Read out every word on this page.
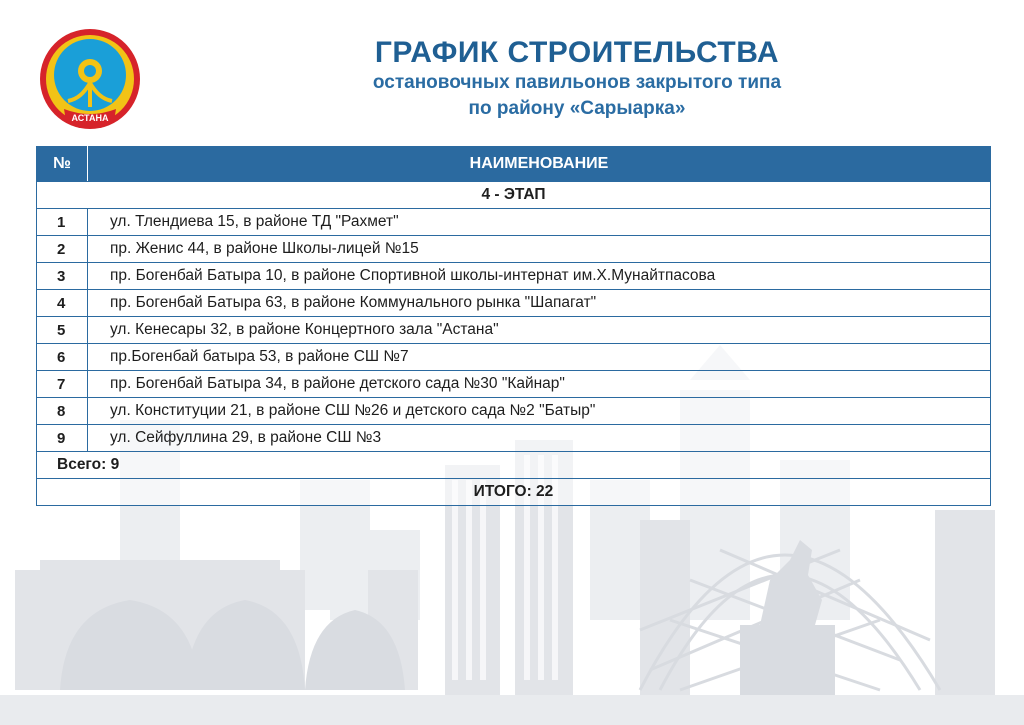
АСТАНА
ГРАФИК СТРОИТЕЛЬСТВА
остановочных павильонов закрытого типа
по району «Сарыарка»
№	НАИМЕНОВАНИЕ
4 - ЭТАП	
1	ул. Тлендиева 15, в районе ТД "Рахмет"
2	пр. Женис 44, в районе Школы-лицей №15
3	пр. Богенбай Батыра 10, в районе Спортивной школы-интернат им.Х.Мунайтпасова
4	пр. Богенбай Батыра 63, в районе Коммунального рынка "Шапагат"
5	ул. Кенесары 32, в районе Концертного зала "Астана"
6	пр.Богенбай батыра 53, в районе СШ №7
7	пр. Богенбай Батыра 34, в районе детского сада №30 "Кайнар"
8	ул. Конституции 21, в районе СШ №26 и детского сада №2 "Батыр"
9	ул. Сейфуллина 29, в районе СШ №3
Всего: 9	
ИТОГО: 22	
